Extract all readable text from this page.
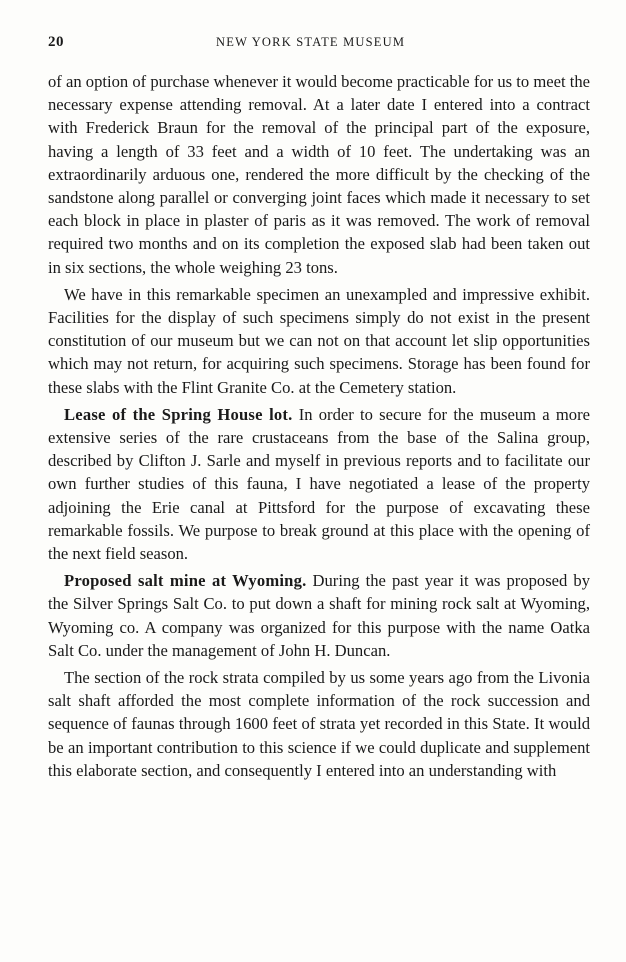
20	NEW YORK STATE MUSEUM

of an option of purchase whenever it would become practicable for us to meet the necessary expense attending removal. At a later date I entered into a contract with Frederick Braun for the removal of the principal part of the exposure, having a length of 33 feet and a width of 10 feet. The undertaking was an extraordinarily arduous one, rendered the more difficult by the checking of the sandstone along parallel or converging joint faces which made it necessary to set each block in place in plaster of paris as it was removed. The work of removal required two months and on its completion the exposed slab had been taken out in six sections, the whole weighing 23 tons.

We have in this remarkable specimen an unexampled and impressive exhibit. Facilities for the display of such specimens simply do not exist in the present constitution of our museum but we can not on that account let slip opportunities which may not return, for acquiring such specimens. Storage has been found for these slabs with the Flint Granite Co. at the Cemetery station.

Lease of the Spring House lot. In order to secure for the museum a more extensive series of the rare crustaceans from the base of the Salina group, described by Clifton J. Sarle and myself in previous reports and to facilitate our own further studies of this fauna, I have negotiated a lease of the property adjoining the Erie canal at Pittsford for the purpose of excavating these remarkable fossils. We purpose to break ground at this place with the opening of the next field season.

Proposed salt mine at Wyoming. During the past year it was proposed by the Silver Springs Salt Co. to put down a shaft for mining rock salt at Wyoming, Wyoming co. A company was organized for this purpose with the name Oatka Salt Co. under the management of John H. Duncan.

The section of the rock strata compiled by us some years ago from the Livonia salt shaft afforded the most complete information of the rock succession and sequence of faunas through 1600 feet of strata yet recorded in this State. It would be an important contribution to this science if we could duplicate and supplement this elaborate section, and consequently I entered into an understanding with
